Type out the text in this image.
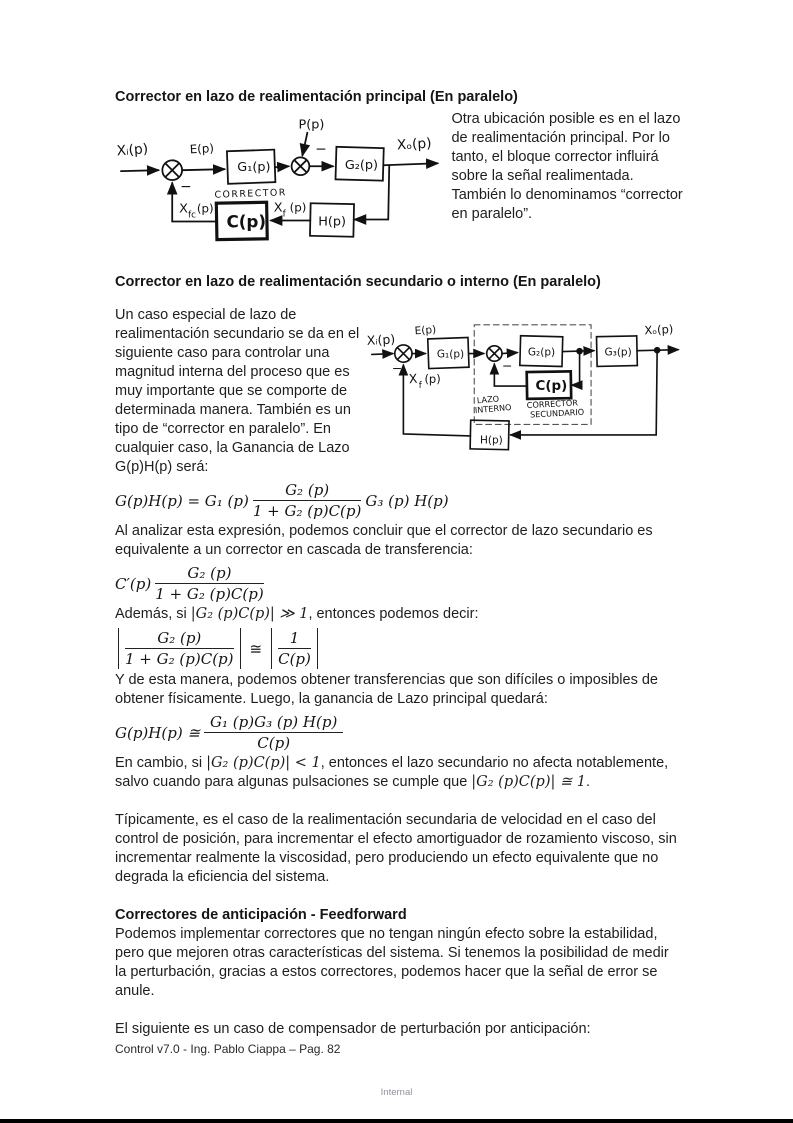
Corrector en lazo de realimentación principal (En paralelo)
Xᵢ(p)	E(p)
P(p)
−
−
G₁(p)	G₂(p)
Xₒ(p)
CORRECTOR
X fc (p)	X f (p)
C(p)	H(p)

Otra ubicación posible es en el lazo de realimentación principal. Por lo tanto, el bloque corrector influirá sobre la señal realimentada.

También lo denominamos “corrector en paralelo”.

Corrector en lazo de realimentación secundario o interno (En paralelo)

Un caso especial de lazo de realimentación secundario se da en el siguiente caso para controlar una magnitud interna del proceso que es muy importante que se comporte de determinada manera. También es un tipo de “corrector en paralelo”. En cualquier caso, la Ganancia de Lazo G(p)H(p) será:

Xᵢ(p)
E(p)
−
G₁(p)
−
G₂(p)	G₃(p)
Xₒ(p)
C(p)
H(p)
X f (p)
LAZO
INTERNO CORRECTOR
SECUNDARIO
G(p)H(p) = G₁ $(p) \frac{\text{G₂ (p)}}{\text{1 + G₂ (p)C(p)}} G_3$ (p) H(p)

Al analizar esta expresión, podemos concluir que el corrector de lazo secundario es equivalente a un corrector en cascada de transferencia:

$C'(p) \frac{\text{G₂ (p)}}{\text{1 + G₂ (p)C(p)}}$

Además, si |G₂ (p)C(p)| ≫ 1, entonces podemos decir:

$\frac{\text{G₂ (p)}}{\text{1 + G₂ (p)C(p)}}$ ≅ $\frac{1}{C(p)}$

Y de esta manera, podemos obtener transferencias que son difíciles o imposibles de obtener físicamente. Luego, la ganancia de Lazo principal quedará:

G(p)H(p) ≅ $\frac{\text{G₁ (p)G₃ (p) H(p)}}{C(p)}$

En cambio, si |G₂ (p)C(p)| < 1, entonces el lazo secundario no afecta notablemente, salvo cuando para algunas pulsaciones se cumple que |G₂ (p)C(p)| ≅ 1.

Típicamente, es el caso de la realimentación secundaria de velocidad en el caso del control de posición, para incrementar el efecto amortiguador de rozamiento viscoso, sin incrementar realmente la viscosidad, pero produciendo un efecto equivalente que no degrada la eficiencia del sistema.

Correctores de anticipación - Feedforward

Podemos implementar correctores que no tengan ningún efecto sobre la estabilidad, pero que mejoren otras características del sistema. Si tenemos la posibilidad de medir la perturbación, gracias a estos correctores, podemos hacer que la señal de error se anule.

El siguiente es un caso de compensador de perturbación por anticipación:

Control v7.0 - Ing. Pablo Ciappa – Pag. 82
Internal
